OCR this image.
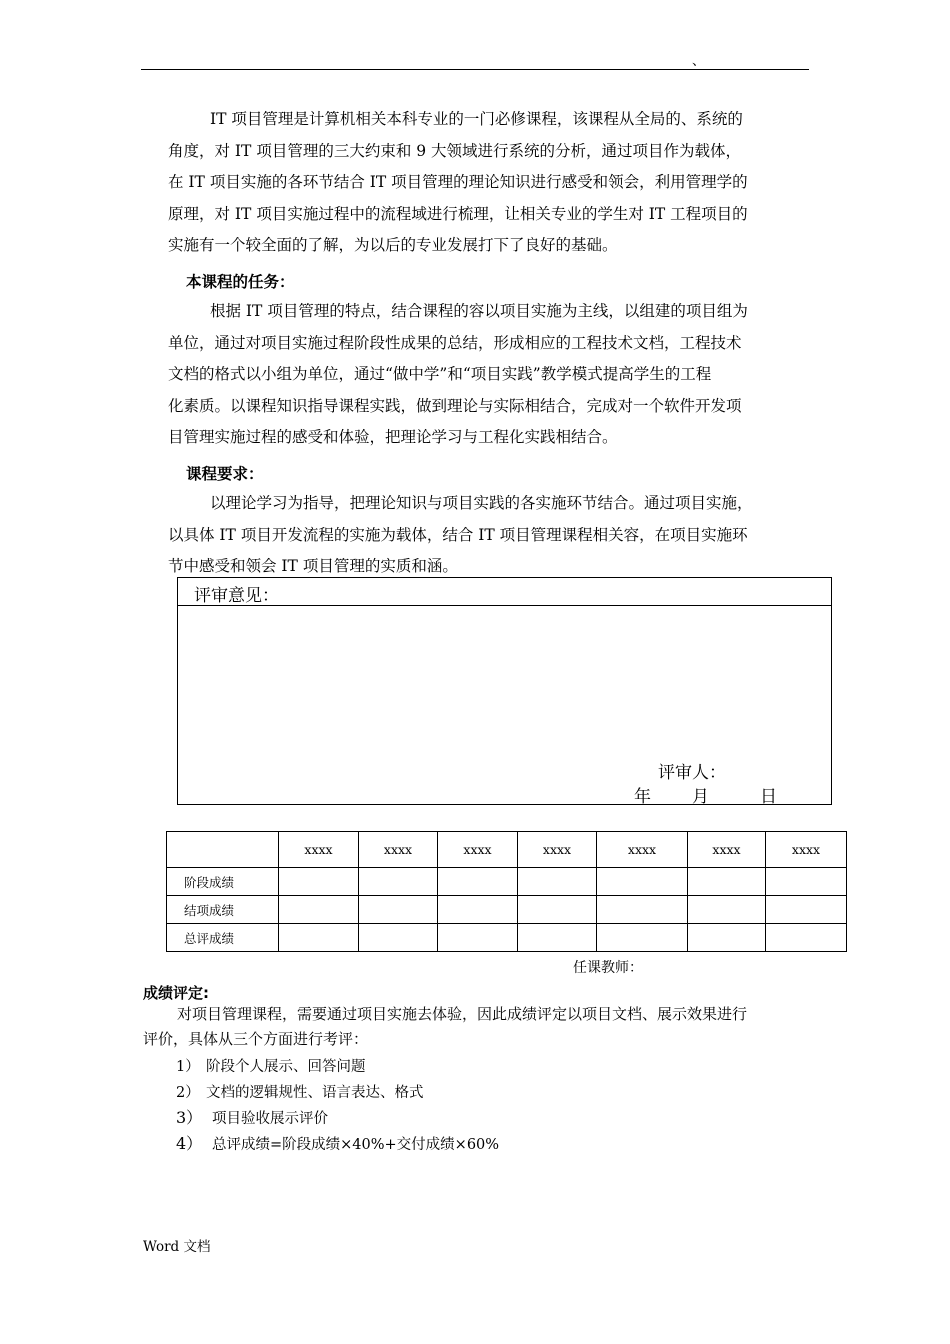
、

IT 项目管理是计算机相关本科专业的一门必修课程，该课程从全局的、系统的

角度，对 IT 项目管理的三大约束和 9 大领域进行系统的分析，通过项目作为载体，

在 IT 项目实施的各环节结合 IT 项目管理的理论知识进行感受和领会，利用管理学的

原理，对 IT 项目实施过程中的流程域进行梳理，让相关专业的学生对 IT 工程项目的

实施有一个较全面的了解，为以后的专业发展打下了良好的基础。

本课程的任务：

根据 IT 项目管理的特点，结合课程的容以项目实施为主线，以组建的项目组为

单位，通过对项目实施过程阶段性成果的总结，形成相应的工程技术文档，工程技术

文档的格式以小组为单位，通过“做中学”和“项目实践”教学模式提高学生的工程

化素质。以课程知识指导课程实践，做到理论与实际相结合，完成对一个软件开发项

目管理实施过程的感受和体验，把理论学习与工程化实践相结合。

课程要求：

以理论学习为指导，把理论知识与项目实践的各实施环节结合。通过项目实施，

以具体 IT 项目开发流程的实施为载体，结合 IT 项目管理课程相关容，在项目实施环

节中感受和领会 IT 项目管理的实质和涵。

评审意见：
评审人：
年 月	日
	xxxx	xxxx	xxxx	xxxx	xxxx	xxxx	xxxx
阶段成绩							
结项成绩							
总评成绩							
任课教师：
成绩评定:

对项目管理课程，需要通过项目实施去体验，因此成绩评定以项目文档、展示效果进行

评价，具体从三个方面进行考评：

1） 阶段个人展示、回答问题
2） 文档的逻辑规性、语言表达、格式
3） 项目验收展示评价
4） 总评成绩=阶段成绩×40%+交付成绩×60%
Word 文档
